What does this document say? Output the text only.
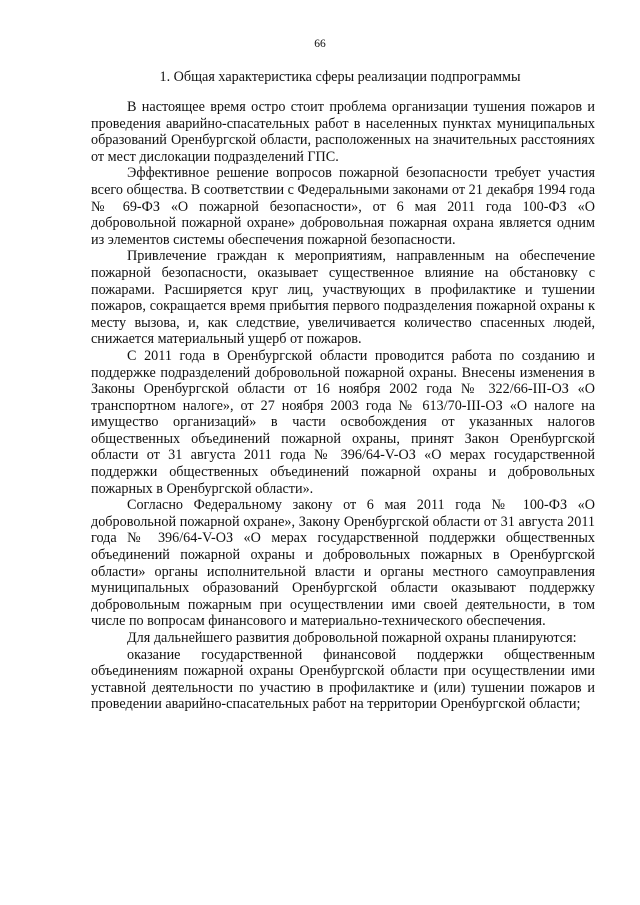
66
1. Общая характеристика сферы реализации подпрограммы

В настоящее время остро стоит проблема организации тушения пожаров и проведения аварийно-спасательных работ в населенных пунктах муниципальных образований Оренбургской области, расположенных на значительных расстояниях от мест дислокации подразделений ГПС.

Эффективное решение вопросов пожарной безопасности требует участия всего общества. В соответствии с Федеральными законами от 21 декабря 1994 года № 69-ФЗ «О пожарной безопасности», от 6 мая 2011 года 100-ФЗ «О добровольной пожарной охране» добровольная пожарная охрана является одним из элементов системы обеспечения пожарной безопасности.

Привлечение граждан к мероприятиям, направленным на обеспечение пожарной безопасности, оказывает существенное влияние на обстановку с пожарами. Расширяется круг лиц, участвующих в профилактике и тушении пожаров, сокращается время прибытия первого подразделения пожарной охраны к месту вызова, и, как следствие, увеличивается количество спасенных людей, снижается материальный ущерб от пожаров.

С 2011 года в Оренбургской области проводится работа по созданию и поддержке подразделений добровольной пожарной охраны. Внесены изменения в Законы Оренбургской области от 16 ноября 2002 года № 322/66-III-ОЗ «О транспортном налоге», от 27 ноября 2003 года № 613/70-III-ОЗ «О налоге на имущество организаций» в части освобождения от указанных налогов общественных объединений пожарной охраны, принят Закон Оренбургской области от 31 августа 2011 года № 396/64-V-ОЗ «О мерах государственной поддержки общественных объединений пожарной охраны и добровольных пожарных в Оренбургской области».

Согласно Федеральному закону от 6 мая 2011 года № 100-ФЗ «О добровольной пожарной охране», Закону Оренбургской области от 31 августа 2011 года № 396/64-V-ОЗ «О мерах государственной поддержки общественных объединений пожарной охраны и добровольных пожарных в Оренбургской области» органы исполнительной власти и органы местного самоуправления муниципальных образований Оренбургской области оказывают поддержку добровольным пожарным при осуществлении ими своей деятельности, в том числе по вопросам финансового и материально-технического обеспечения.

Для дальнейшего развития добровольной пожарной охраны планируются:

оказание государственной финансовой поддержки общественным объединениям пожарной охраны Оренбургской области при осуществлении ими уставной деятельности по участию в профилактике и (или) тушении пожаров и проведении аварийно-спасательных работ на территории Оренбургской области;
